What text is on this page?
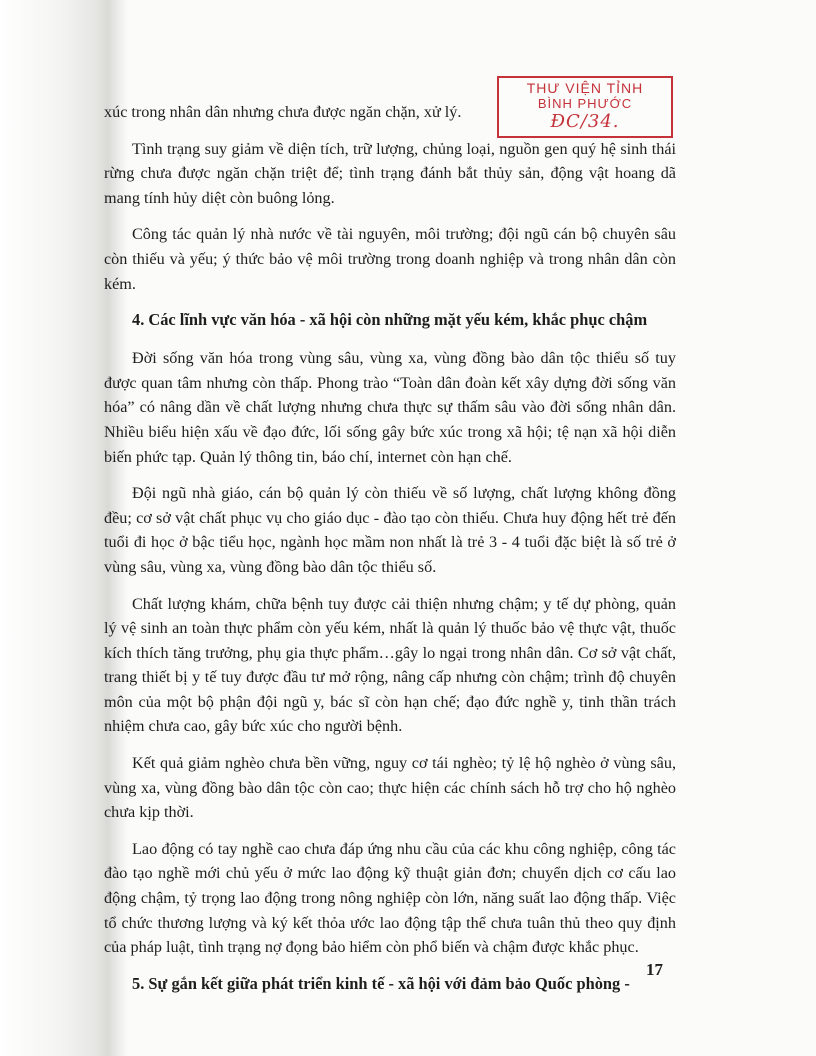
THƯ VIỆN TỈNH
BÌNH PHƯỚC
ĐC/34.

xúc trong nhân dân nhưng chưa được ngăn chặn, xử lý.

Tình trạng suy giảm về diện tích, trữ lượng, chủng loại, nguồn gen quý hệ sinh thái rừng chưa được ngăn chặn triệt để; tình trạng đánh bắt thủy sản, động vật hoang dã mang tính hủy diệt còn buông lỏng.

Công tác quản lý nhà nước về tài nguyên, môi trường; đội ngũ cán bộ chuyên sâu còn thiếu và yếu; ý thức bảo vệ môi trường trong doanh nghiệp và trong nhân dân còn kém.

4. Các lĩnh vực văn hóa - xã hội còn những mặt yếu kém, khắc phục chậm

Đời sống văn hóa trong vùng sâu, vùng xa, vùng đồng bào dân tộc thiểu số tuy được quan tâm nhưng còn thấp. Phong trào “Toàn dân đoàn kết xây dựng đời sống văn hóa” có nâng dần về chất lượng nhưng chưa thực sự thấm sâu vào đời sống nhân dân. Nhiều biểu hiện xấu về đạo đức, lối sống gây bức xúc trong xã hội; tệ nạn xã hội diễn biến phức tạp. Quản lý thông tin, báo chí, internet còn hạn chế.

Đội ngũ nhà giáo, cán bộ quản lý còn thiếu về số lượng, chất lượng không đồng đều; cơ sở vật chất phục vụ cho giáo dục - đào tạo còn thiếu. Chưa huy động hết trẻ đến tuổi đi học ở bậc tiểu học, ngành học mầm non nhất là trẻ 3 - 4 tuổi đặc biệt là số trẻ ở vùng sâu, vùng xa, vùng đồng bào dân tộc thiểu số.

Chất lượng khám, chữa bệnh tuy được cải thiện nhưng chậm; y tế dự phòng, quản lý vệ sinh an toàn thực phẩm còn yếu kém, nhất là quản lý thuốc bảo vệ thực vật, thuốc kích thích tăng trưởng, phụ gia thực phẩm…gây lo ngại trong nhân dân. Cơ sở vật chất, trang thiết bị y tế tuy được đầu tư mở rộng, nâng cấp nhưng còn chậm; trình độ chuyên môn của một bộ phận đội ngũ y, bác sĩ còn hạn chế; đạo đức nghề y, tinh thần trách nhiệm chưa cao, gây bức xúc cho người bệnh.

Kết quả giảm nghèo chưa bền vững, nguy cơ tái nghèo; tỷ lệ hộ nghèo ở vùng sâu, vùng xa, vùng đồng bào dân tộc còn cao; thực hiện các chính sách hỗ trợ cho hộ nghèo chưa kịp thời.

Lao động có tay nghề cao chưa đáp ứng nhu cầu của các khu công nghiệp, công tác đào tạo nghề mới chủ yếu ở mức lao động kỹ thuật giản đơn; chuyển dịch cơ cấu lao động chậm, tỷ trọng lao động trong nông nghiệp còn lớn, năng suất lao động thấp. Việc tổ chức thương lượng và ký kết thỏa ước lao động tập thể chưa tuân thủ theo quy định của pháp luật, tình trạng nợ đọng bảo hiểm còn phổ biến và chậm được khắc phục.

5. Sự gắn kết giữa phát triển kinh tế - xã hội với đảm bảo Quốc phòng -
17
